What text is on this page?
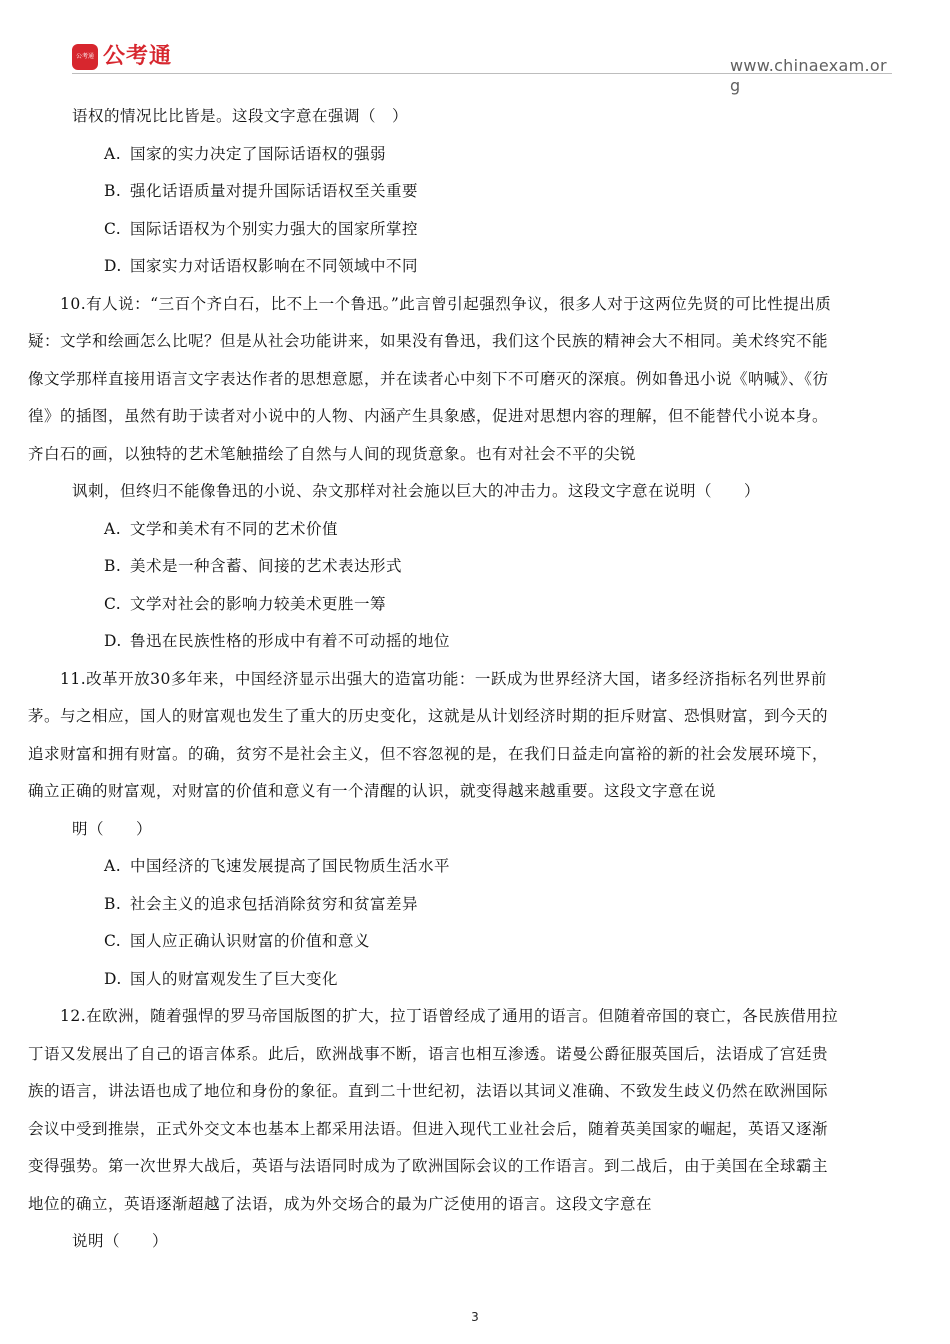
公考通 公考通	www.chinaexam.org

语权的情况比比皆是。这段文字意在强调（　）

A. 国家的实力决定了国际话语权的强弱
B. 强化话语质量对提升国际话语权至关重要
C. 国际话语权为个别实力强大的国家所掌控
D. 国家实力对话语权影响在不同领域中不同

10.有人说：“三百个齐白石，比不上一个鲁迅。”此言曾引起强烈争议，很多人对于这两位先贤的可比性提出质疑：文学和绘画怎么比呢？但是从社会功能讲来，如果没有鲁迅，我们这个民族的精神会大不相同。美术终究不能像文学那样直接用语言文字表达作者的思想意愿，并在读者心中刻下不可磨灭的深痕。例如鲁迅小说《呐喊》、《彷徨》的插图，虽然有助于读者对小说中的人物、内涵产生具象感，促进对思想内容的理解，但不能替代小说本身。齐白石的画，以独特的艺术笔触描绘了自然与人间的现货意象。也有对社会不平的尖锐

讽刺，但终归不能像鲁迅的小说、杂文那样对社会施以巨大的冲击力。这段文字意在说明（　　）

A. 文学和美术有不同的艺术价值
B. 美术是一种含蓄、间接的艺术表达形式
C. 文学对社会的影响力较美术更胜一筹
D. 鲁迅在民族性格的形成中有着不可动摇的地位

11.改革开放30多年来，中国经济显示出强大的造富功能：一跃成为世界经济大国，诸多经济指标名列世界前茅。与之相应，国人的财富观也发生了重大的历史变化，这就是从计划经济时期的拒斥财富、恐惧财富，到今天的追求财富和拥有财富。的确，贫穷不是社会主义，但不容忽视的是，在我们日益走向富裕的新的社会发展环境下，确立正确的财富观，对财富的价值和意义有一个清醒的认识，就变得越来越重要。这段文字意在说

明（　　）

A. 中国经济的飞速发展提高了国民物质生活水平
B. 社会主义的追求包括消除贫穷和贫富差异
C. 国人应正确认识财富的价值和意义
D. 国人的财富观发生了巨大变化

12.在欧洲，随着强悍的罗马帝国版图的扩大，拉丁语曾经成了通用的语言。但随着帝国的衰亡，各民族借用拉丁语又发展出了自己的语言体系。此后，欧洲战事不断，语言也相互渗透。诺曼公爵征服英国后，法语成了宫廷贵族的语言，讲法语也成了地位和身份的象征。直到二十世纪初，法语以其词义准确、不致发生歧义仍然在欧洲国际会议中受到推崇，正式外交文本也基本上都采用法语。但进入现代工业社会后，随着英美国家的崛起，英语又逐渐变得强势。第一次世界大战后，英语与法语同时成为了欧洲国际会议的工作语言。到二战后，由于美国在全球霸主地位的确立，英语逐渐超越了法语，成为外交场合的最为广泛使用的语言。这段文字意在

说明（　　）

3
